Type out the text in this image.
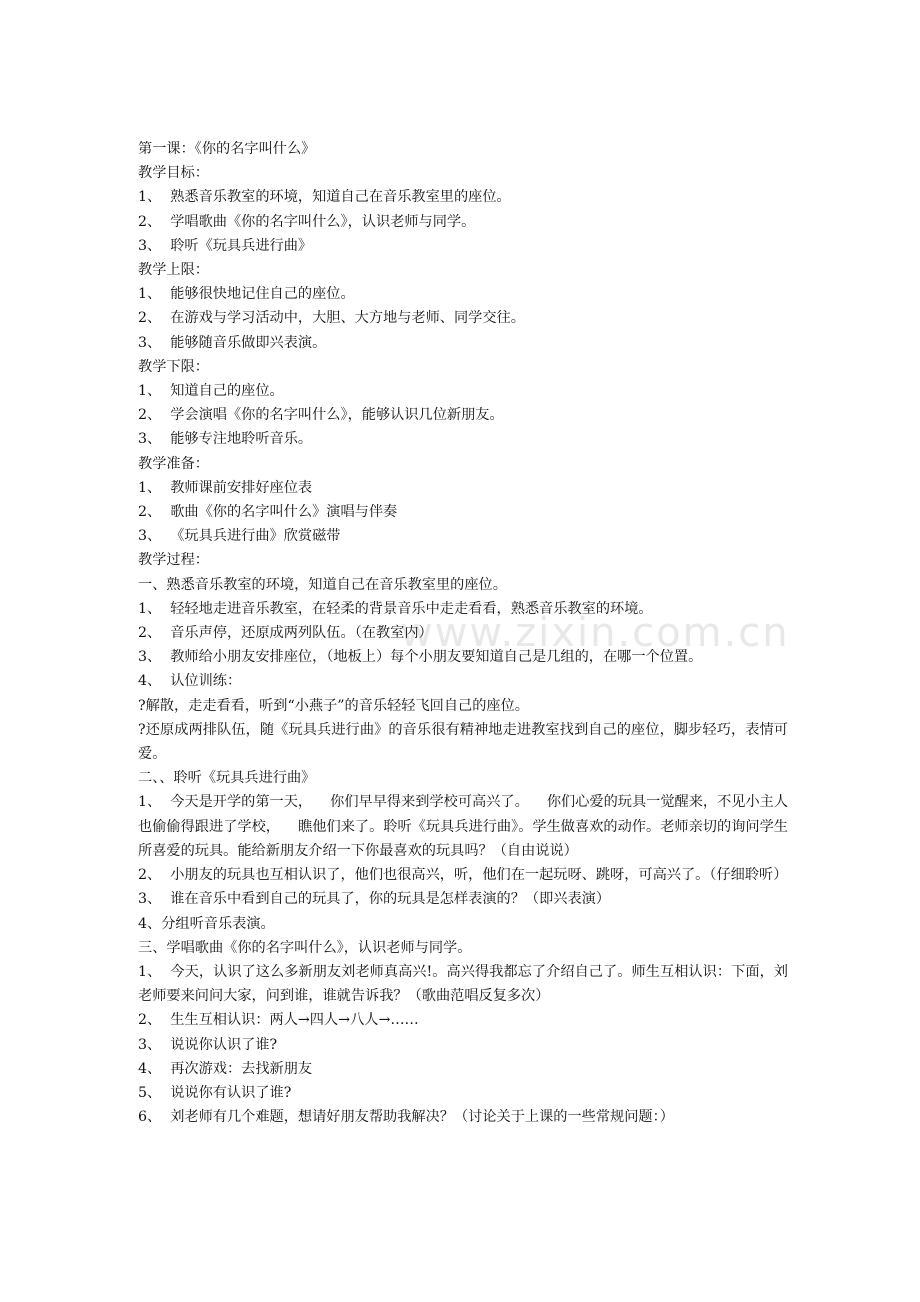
www.zixin.com.cn
第一课：《你的名字叫什么》
教学目标：
1、  熟悉音乐教室的环境，知道自己在音乐教室里的座位。
2、  学唱歌曲《你的名字叫什么》，认识老师与同学。
3、  聆听《玩具兵进行曲》
教学上限：
1、  能够很快地记住自己的座位。
2、  在游戏与学习活动中，大胆、大方地与老师、同学交往。
3、  能够随音乐做即兴表演。
教学下限：
1、  知道自己的座位。
2、  学会演唱《你的名字叫什么》，能够认识几位新朋友。
3、  能够专注地聆听音乐。
教学准备：
1、  教师课前安排好座位表
2、  歌曲《你的名字叫什么》演唱与伴奏
3、  《玩具兵进行曲》欣赏磁带
教学过程：
一、熟悉音乐教室的环境，知道自己在音乐教室里的座位。
1、  轻轻地走进音乐教室，在轻柔的背景音乐中走走看看，熟悉音乐教室的环境。
2、  音乐声停，还原成两列队伍。（在教室内）
3、  教师给小朋友安排座位，（地板上）每个小朋友要知道自己是几组的，在哪一个位置。
4、  认位训练：
?解散，走走看看，听到“小燕子”的音乐轻轻飞回自己的座位。
?还原成两排队伍，随《玩具兵进行曲》的音乐很有精神地走进教室找到自己的座位，脚步轻巧，表情可爱。
二、、聆听《玩具兵进行曲》
1、  今天是开学的第一天，    你们早早得来到学校可高兴了。    你们心爱的玩具一觉醒来，不见小主人也偷偷得跟进了学校，    瞧他们来了。聆听《玩具兵进行曲》。学生做喜欢的动作。老师亲切的询问学生所喜爱的玩具。能给新朋友介绍一下你最喜欢的玩具吗？（自由说说）
2、  小朋友的玩具也互相认识了，他们也很高兴，听，他们在一起玩呀、跳呀，可高兴了。（仔细聆听）
3、  谁在音乐中看到自己的玩具了，你的玩具是怎样表演的？（即兴表演）
4、分组听音乐表演。
三、学唱歌曲《你的名字叫什么》，认识老师与同学。
1、  今天，认识了这么多新朋友刘老师真高兴!。高兴得我都忘了介绍自己了。师生互相认识：下面，刘老师要来问问大家，问到谁，谁就告诉我？（歌曲范唱反复多次）
2、  生生互相认识：两人→四人→八人→……
3、  说说你认识了谁?
4、  再次游戏：去找新朋友
5、  说说你有认识了谁?
6、  刘老师有几个难题，想请好朋友帮助我解决？（讨论关于上课的一些常规问题：）
